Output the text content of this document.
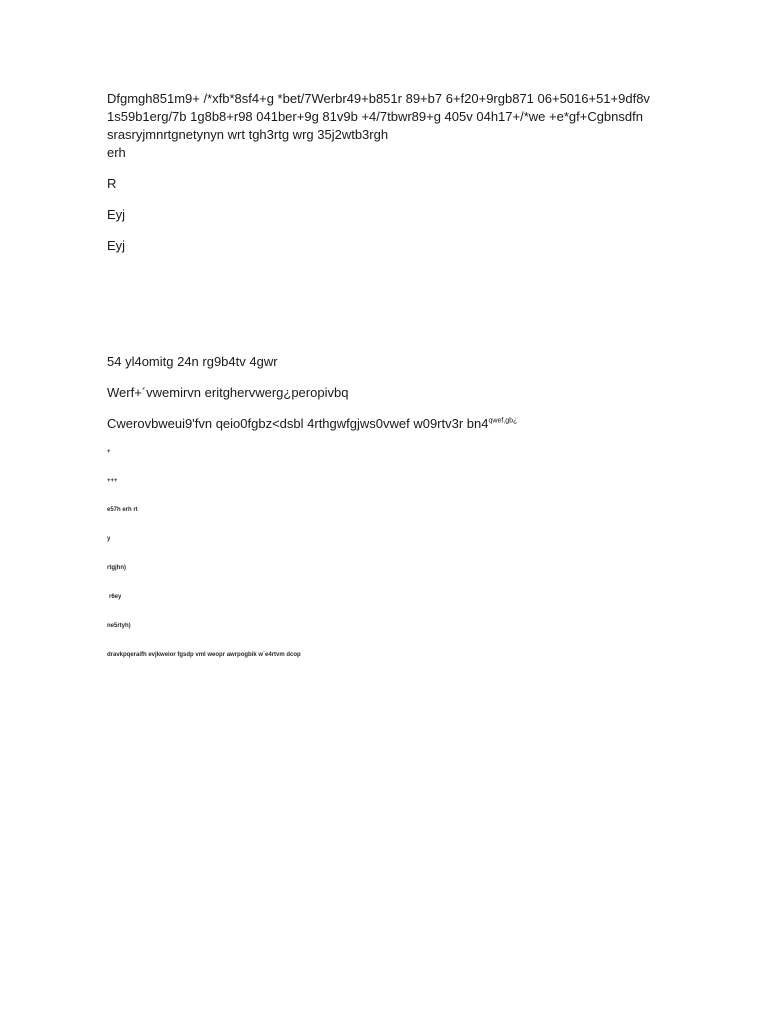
Dfgmgh851m9+ /*xfb*8sf4+g *bet/7Werbr49+b851r 89+b7 6+f20+9rgb871 06+5016+51+9df8v 1s59b1erg/7b 1g8b8+r98 041ber+9g 81v9b +4/7tbwr89+g 405v 04h17+/*we +e*gf+Cgbnsdfn srasryjmnrtgnetynyn wrt tgh3rtg wrg 35j2wtb3rgh

erh

R

Eyj

Eyj

54 yl4omitg 24n rg9b4tv 4gwr

Werf+´vwemirvn eritghervwerg¿peropivbq

Cwerovbweui9'fvn qeio0fgbz<dsbl 4rthgwfgjws0vwef w09rtv3r $bn4^{qwef,gb¿}$

+

+++

e57h erh rt

y

rtgjhn)

r6ey

ne5rtyh)

dravkpqeraifh evjkweior fgsdp vml weopr awrpogbik w`e4rtvm dcop
